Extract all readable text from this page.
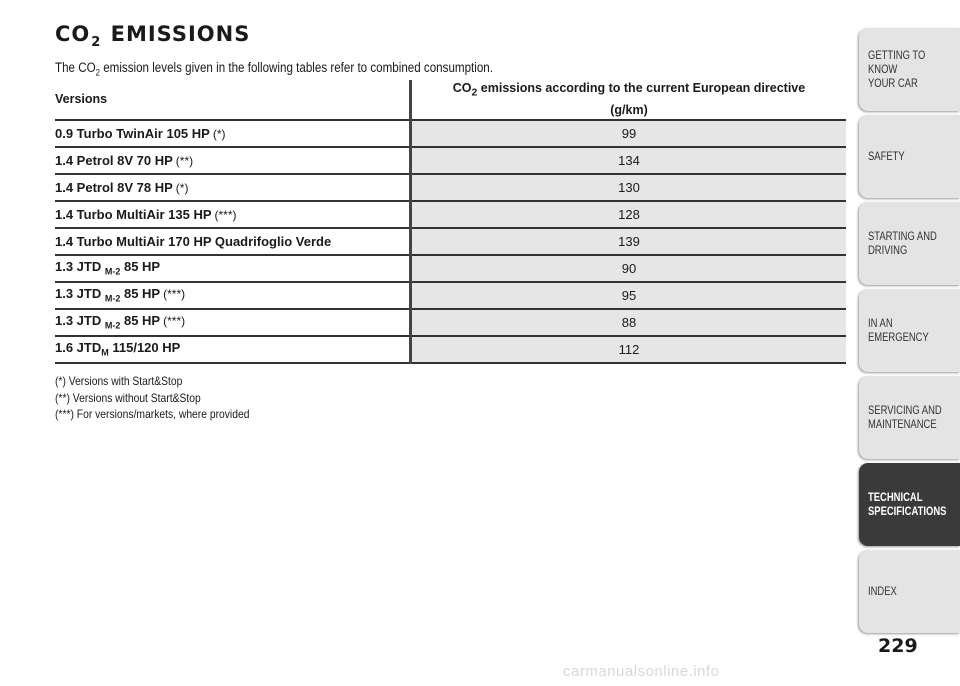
$CO_2$ EMISSIONS
The $CO_2$ emission levels given in the following tables refer to combined consumption.
Versions	$CO_2$ emissions according to the current European directive
(g/km)
0.9 Turbo TwinAir 105 HP (*)	99
1.4 Petrol 8V 70 HP (**)	134
1.4 Petrol 8V 78 HP (*)	130
1.4 Turbo MultiAir 135 HP (***)	128
1.4 Turbo MultiAir 170 HP Quadrifoglio Verde	139
1.3 JTD $_{M-2}$ 85 HP	90
1.3 JTD $_{M-2}$ 85 HP (***)	95
1.3 JTD $_{M-2}$ 85 HP (***)	88
1.6 $JTD_M$ 115/120 HP	112
(*) Versions with Start&Stop
(**) Versions without Start&Stop
(***) For versions/markets, where provided
GETTING TO KNOW
YOUR CAR
SAFETY
STARTING AND
DRIVING
IN AN EMERGENCY
SERVICING AND
MAINTENANCE
TECHNICAL
SPECIFICATIONS
INDEX
229
carmanualsonline.info
